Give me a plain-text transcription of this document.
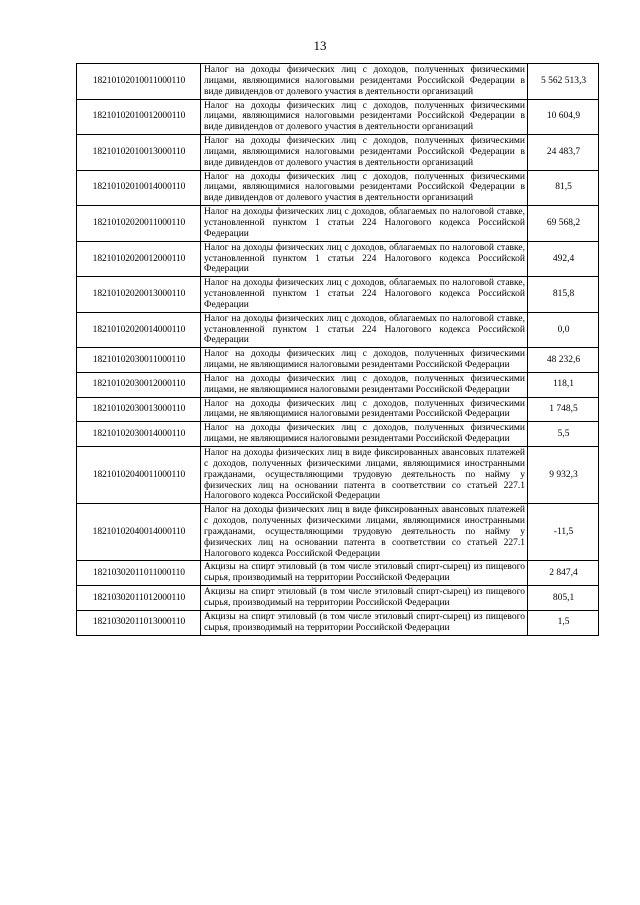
13
18210102010011000110	Налог на доходы физических лиц с доходов, полученных физическими лицами, являющимися налоговыми резидентами Российской Федерации в виде дивидендов от долевого участия в деятельности организаций	5 562 513,3
18210102010012000110	Налог на доходы физических лиц с доходов, полученных физическими лицами, являющимися налоговыми резидентами Российской Федерации в виде дивидендов от долевого участия в деятельности организаций	10 604,9
18210102010013000110	Налог на доходы физических лиц с доходов, полученных физическими лицами, являющимися налоговыми резидентами Российской Федерации в виде дивидендов от долевого участия в деятельности организаций	24 483,7
18210102010014000110	Налог на доходы физических лиц с доходов, полученных физическими лицами, являющимися налоговыми резидентами Российской Федерации в виде дивидендов от долевого участия в деятельности организаций	81,5
18210102020011000110	Налог на доходы физических лиц с доходов, облагаемых по налоговой ставке, установленной пунктом 1 статьи 224 Налогового кодекса Российской Федерации	69 568,2
18210102020012000110	Налог на доходы физических лиц с доходов, облагаемых по налоговой ставке, установленной пунктом 1 статьи 224 Налогового кодекса Российской Федерации	492,4
18210102020013000110	Налог на доходы физических лиц с доходов, облагаемых по налоговой ставке, установленной пунктом 1 статьи 224 Налогового кодекса Российской Федерации	815,8
18210102020014000110	Налог на доходы физических лиц с доходов, облагаемых по налоговой ставке, установленной пунктом 1 статьи 224 Налогового кодекса Российской Федерации	0,0
18210102030011000110	Налог на доходы физических лиц с доходов, полученных физическими лицами, не являющимися налоговыми резидентами Российской Федерации	48 232,6
18210102030012000110	Налог на доходы физических лиц с доходов, полученных физическими лицами, не являющимися налоговыми резидентами Российской Федерации	118,1
18210102030013000110	Налог на доходы физических лиц с доходов, полученных физическими лицами, не являющимися налоговыми резидентами Российской Федерации	1 748,5
18210102030014000110	Налог на доходы физических лиц с доходов, полученных физическими лицами, не являющимися налоговыми резидентами Российской Федерации	5,5
18210102040011000110	Налог на доходы физических лиц в виде фиксированных авансовых платежей с доходов, полученных физическими лицами, являющимися иностранными гражданами, осуществляющими трудовую деятельность по найму у физических лиц на основании патента в соответствии со статьей 227.1 Налогового кодекса Российской Федерации	9 932,3
18210102040014000110	Налог на доходы физических лиц в виде фиксированных авансовых платежей с доходов, полученных физическими лицами, являющимися иностранными гражданами, осуществляющими трудовую деятельность по найму у физических лиц на основании патента в соответствии со статьей 227.1 Налогового кодекса Российской Федерации	-11,5
18210302011011000110	Акцизы на спирт этиловый (в том числе этиловый спирт-сырец) из пищевого сырья, производимый на территории Российской Федерации	2 847,4
18210302011012000110	Акцизы на спирт этиловый (в том числе этиловый спирт-сырец) из пищевого сырья, производимый на территории Российской Федерации	805,1
18210302011013000110	Акцизы на спирт этиловый (в том числе этиловый спирт-сырец) из пищевого сырья, производимый на территории Российской Федерации	1,5
